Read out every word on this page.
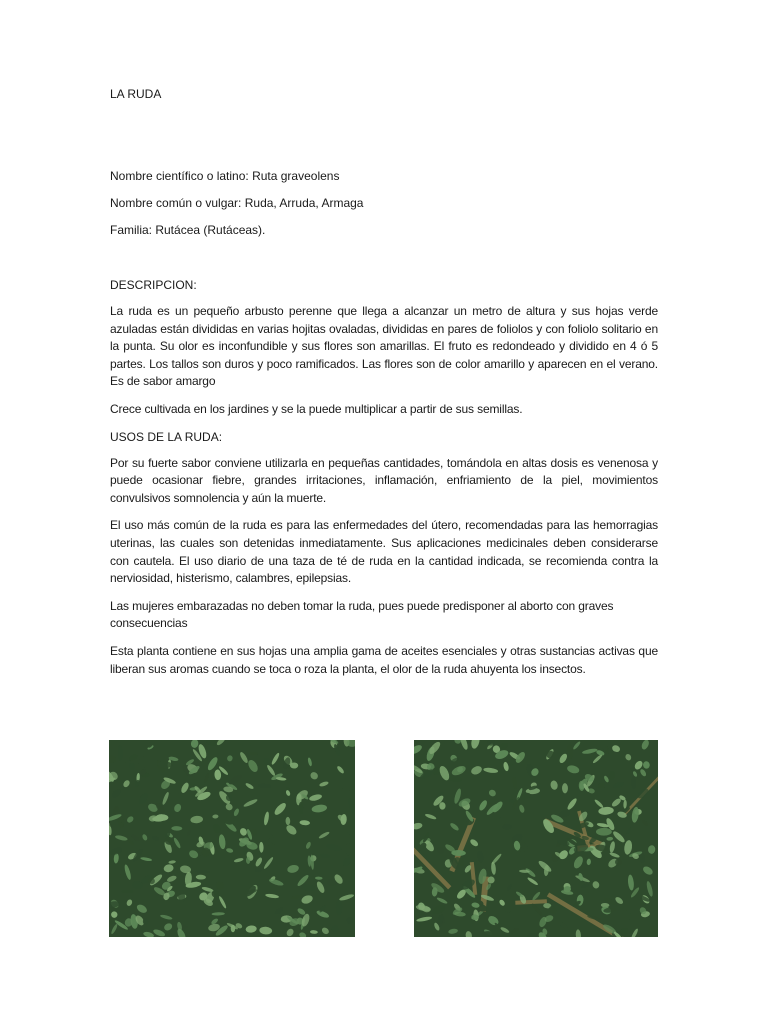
LA RUDA
Nombre científico o latino: Ruta graveolens
Nombre común o vulgar: Ruda, Arruda, Armaga
Familia: Rutácea (Rutáceas).
DESCRIPCION:

La ruda es un pequeño arbusto perenne que llega a alcanzar un metro de altura y sus hojas verde azuladas están divididas en varias hojitas ovaladas, divididas en pares de foliolos y con foliolo solitario en la punta. Su olor es inconfundible y sus flores son amarillas. El fruto es redondeado y dividido en 4 ó 5 partes. Los tallos son duros y poco ramificados. Las flores son de color amarillo y aparecen en el verano. Es de sabor amargo

Crece cultivada en los jardines y se la puede multiplicar a partir de sus semillas.

USOS DE LA RUDA:

Por su fuerte sabor conviene utilizarla en pequeñas cantidades, tomándola en altas dosis es venenosa y puede ocasionar fiebre, grandes irritaciones, inflamación, enfriamiento de la piel, movimientos convulsivos somnolencia y aún la muerte.

El uso más común de la ruda es para las enfermedades del útero, recomendadas para las hemorragias uterinas, las cuales son detenidas inmediatamente. Sus aplicaciones medicinales deben considerarse con cautela. El uso diario de una taza de té de ruda en la cantidad indicada, se recomienda contra la nerviosidad, histerismo, calambres, epilepsias.

Las mujeres embarazadas no deben tomar la ruda, pues puede predisponer al aborto con graves consecuencias

Esta planta contiene en sus hojas una amplia gama de aceites esenciales y otras sustancias activas que liberan sus aromas cuando se toca o roza la planta, el olor de la ruda ahuyenta los insectos.
